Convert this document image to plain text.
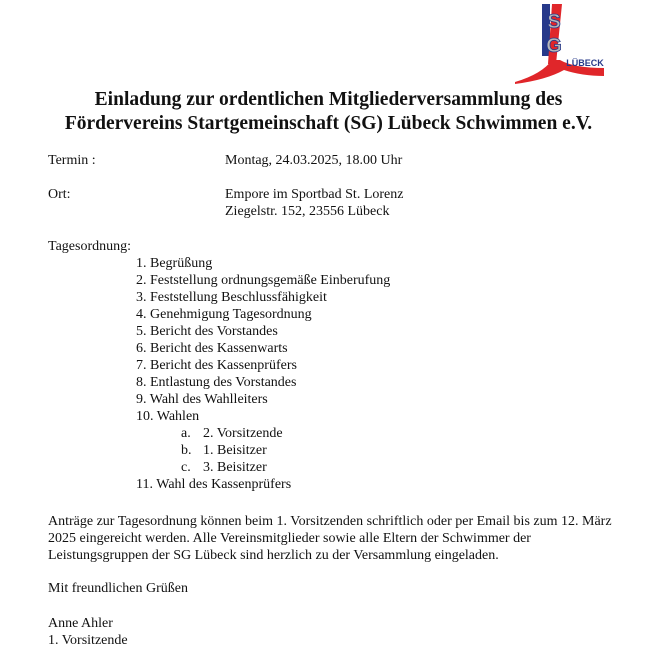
S
G
LÜBECK
Einladung zur ordentlichen Mitgliederversammlung des
Fördervereins Startgemeinschaft (SG) Lübeck Schwimmen e.V.
Termin :	Montag, 24.03.2025, 18.00 Uhr
Ort:	Empore im Sportbad St. Lorenz
Ziegelstr. 152, 23556 Lübeck
Tagesordnung:
1. Begrüßung
2. Feststellung ordnungsgemäße Einberufung
3. Feststellung Beschlussfähigkeit
4. Genehmigung Tagesordnung
5. Bericht des Vorstandes
6. Bericht des Kassenwarts
7. Bericht des Kassenprüfers
8. Entlastung des Vorstandes
9. Wahl des Wahlleiters
10. Wahlen
a. 2. Vorsitzende
b. 1. Beisitzer
c. 3. Beisitzer
11. Wahl des Kassenprüfers

Anträge zur Tagesordnung können beim 1. Vorsitzenden schriftlich oder per Email bis zum 12. März 2025 eingereicht werden. Alle Vereinsmitglieder sowie alle Eltern der Schwimmer der Leistungsgruppen der SG Lübeck sind herzlich zu der Versammlung eingeladen.

Mit freundlichen Grüßen
Anne Ahler
1. Vorsitzende
